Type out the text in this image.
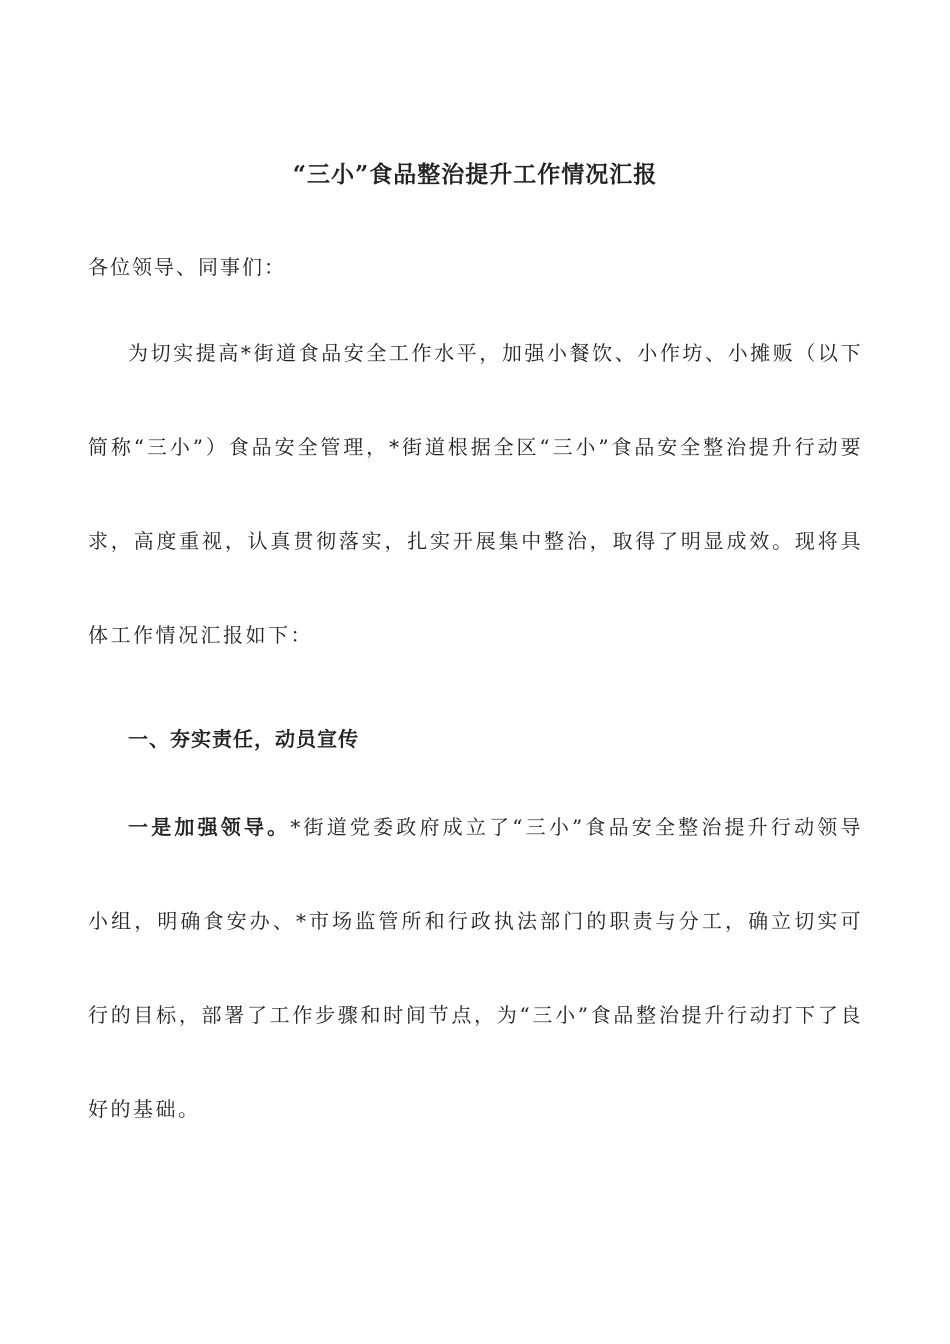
“三小”食品整治提升工作情况汇报
各位领导、同事们：

为切实提高*街道食品安全工作水平，加强小餐饮、小作坊、小摊贩（以下简称“三小”）食品安全管理，*街道根据全区“三小”食品安全整治提升行动要求，高度重视，认真贯彻落实，扎实开展集中整治，取得了明显成效。现将具体工作情况汇报如下：

一、夯实责任，动员宣传

一是加强领导。*街道党委政府成立了“三小”食品安全整治提升行动领导小组，明确食安办、*市场监管所和行政执法部门的职责与分工，确立切实可行的目标，部署了工作步骤和时间节点，为“三小”食品整治提升行动打下了良好的基础。
